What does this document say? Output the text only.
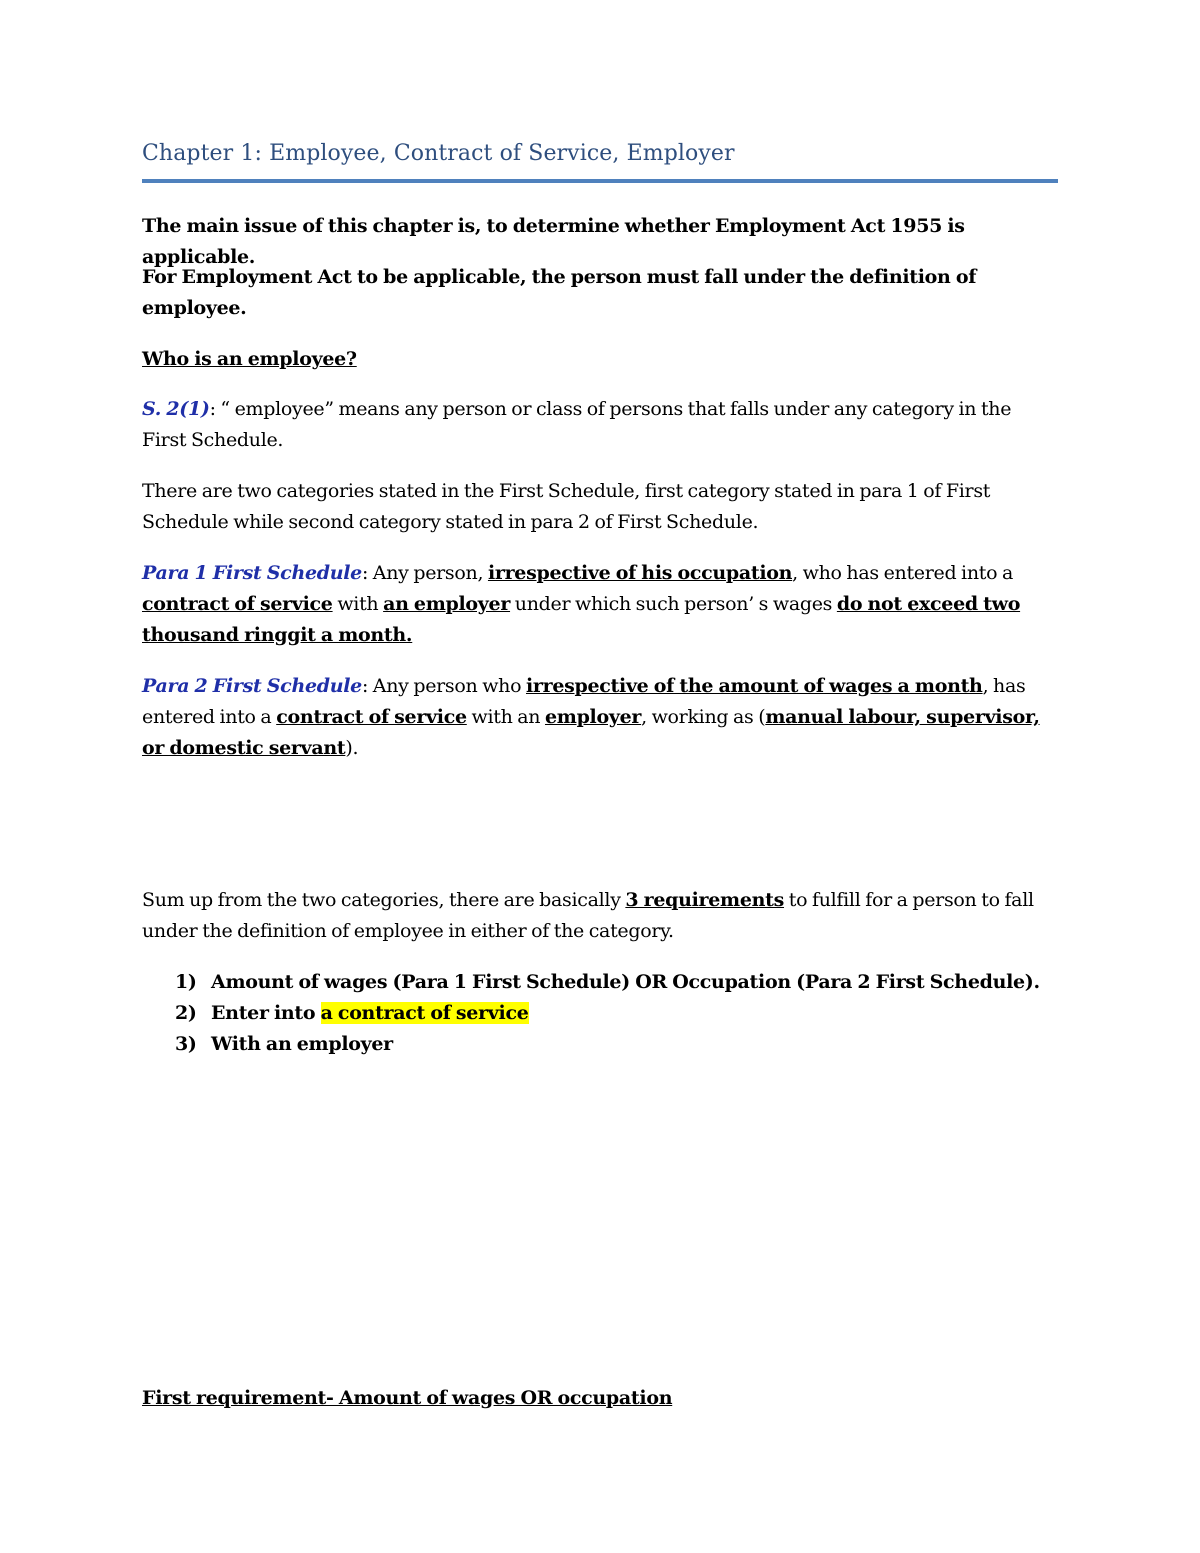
Chapter 1: Employee, Contract of Service, Employer

The main issue of this chapter is, to determine whether Employment Act 1955 is applicable.

For Employment Act to be applicable, the person must fall under the definition of employee.

Who is an employee?

S. 2(1): “ employee” means any person or class of persons that falls under any category in the First Schedule.

There are two categories stated in the First Schedule, first category stated in para 1 of First Schedule while second category stated in para 2 of First Schedule.

Para 1 First Schedule: Any person, irrespective of his occupation, who has entered into a contract of service with an employer under which such person’ s wages do not exceed two thousand ringgit a month.

Para 2 First Schedule: Any person who irrespective of the amount of wages a month, has entered into a contract of service with an employer, working as (manual labour, supervisor, or domestic servant).

Sum up from the two categories, there are basically 3 requirements to fulfill for a person to fall under the definition of employee in either of the category.

1) Amount of wages (Para 1 First Schedule) OR Occupation (Para 2 First Schedule).
2) Enter into a contract of service
3) With an employer

First requirement- Amount of wages OR occupation
